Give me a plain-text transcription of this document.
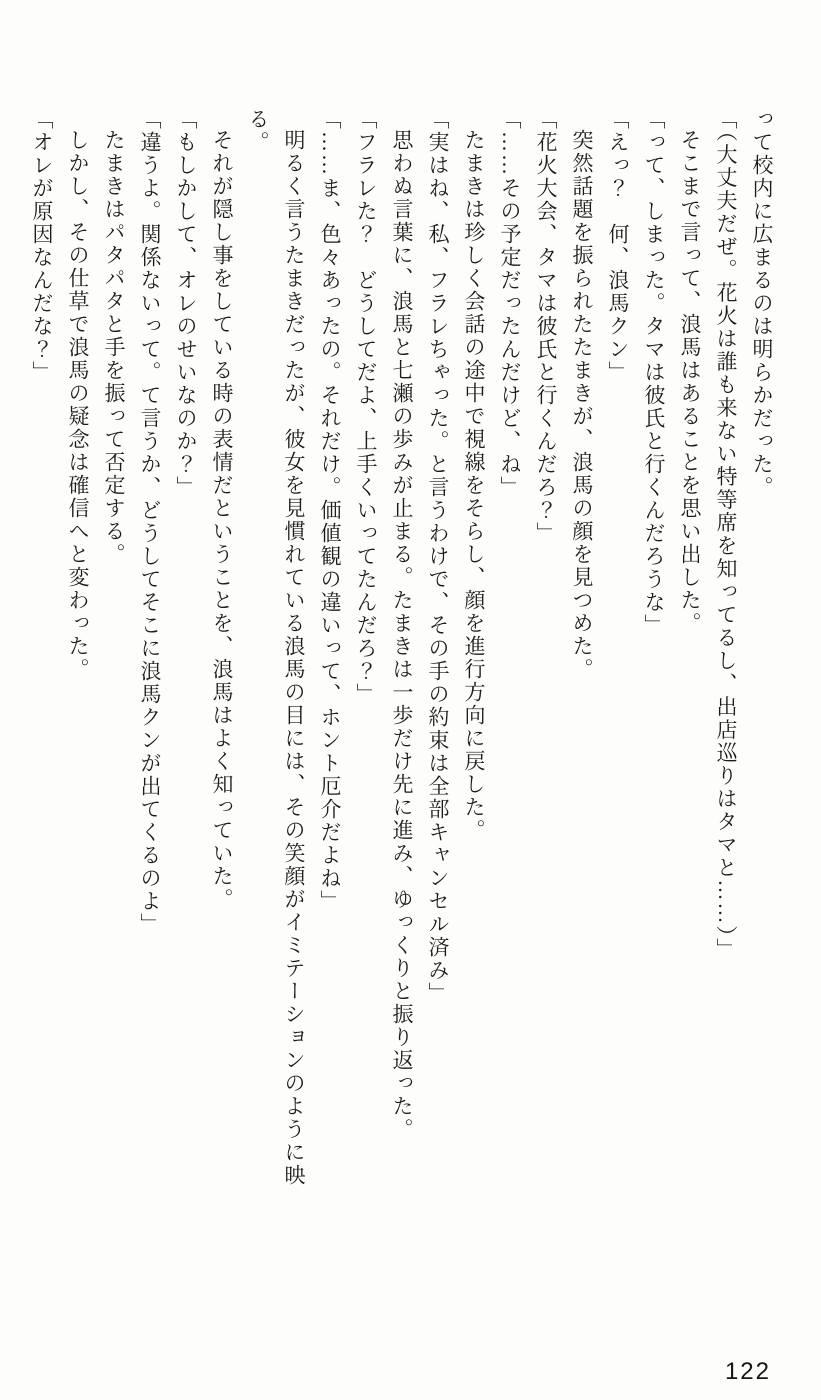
って校内に広まるのは明らかだった。

「（大丈夫だぜ。花火は誰も来ない特等席を知ってるし、出店巡りはタマと……）」

そこまで言って、浪馬はあることを思い出した。

「って、しまった。タマは彼氏と行くんだろうな」

「えっ？　何、浪馬クン」

突然話題を振られたたまきが、浪馬の顔を見つめた。

「花火大会、タマは彼氏と行くんだろ？」

「……その予定だったんだけど、ね」

たまきは珍しく会話の途中で視線をそらし、顔を進行方向に戻した。

「実はね、私、フラレちゃった。と言うわけで、その手の約束は全部キャンセル済み」

思わぬ言葉に、浪馬と七瀬の歩みが止まる。たまきは一歩だけ先に進み、ゆっくりと振り返った。

「フラレた？　どうしてだよ、上手くいってたんだろ？」

「……ま、色々あったの。それだけ。価値観の違いって、ホント厄介だよね」

明るく言うたまきだったが、彼女を見慣れている浪馬の目には、その笑顔がイミテーションのように映る。

それが隠し事をしている時の表情だということを、浪馬はよく知っていた。

「もしかして、オレのせいなのか？」

「違うよ。関係ないって。て言うか、どうしてそこに浪馬クンが出てくるのよ」

たまきはパタパタと手を振って否定する。

しかし、その仕草で浪馬の疑念は確信へと変わった。

「オレが原因なんだな？」

122
